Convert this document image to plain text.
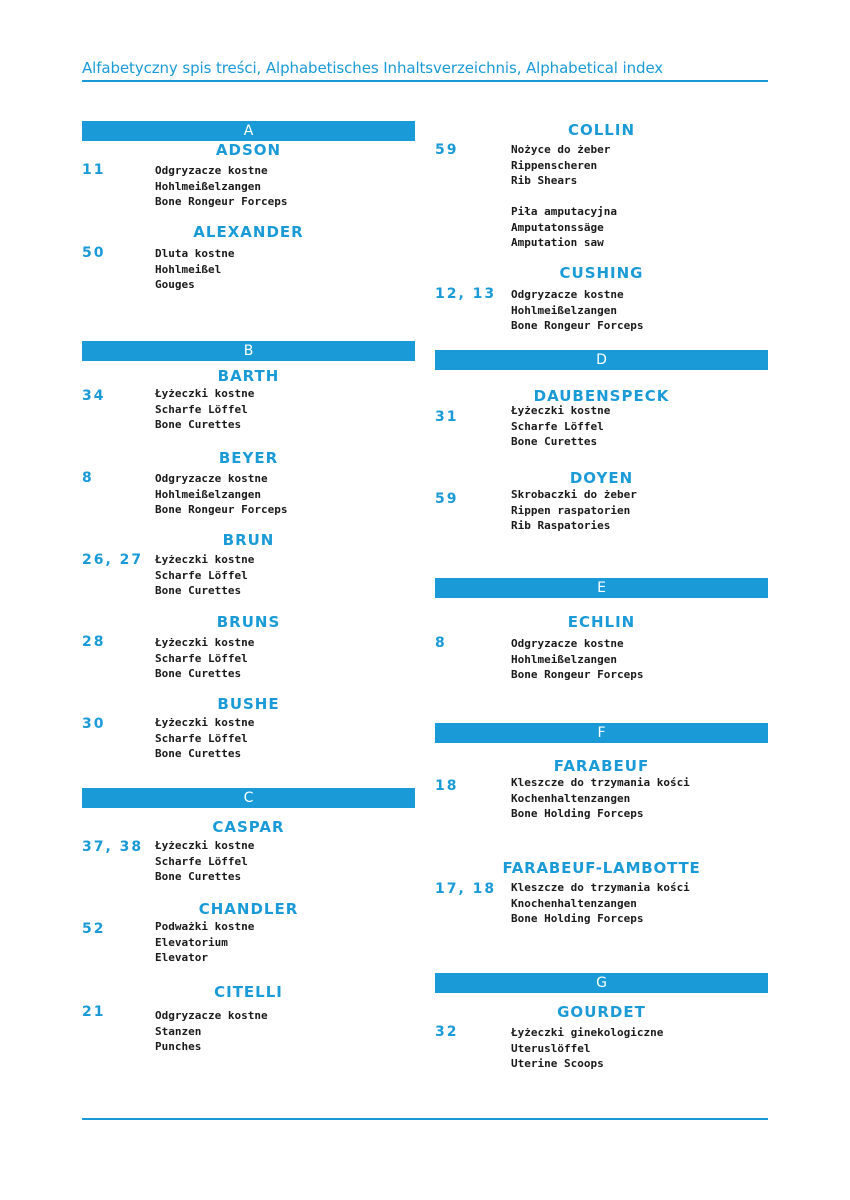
Alfabetyczny spis treści, Alphabetisches Inhaltsverzeichnis, Alphabetical index
A
ADSON
11	Odgryzacze kostne
Hohlmeißelzangen
Bone Rongeur Forceps
ALEXANDER
50	Dluta kostne
Hohlmeißel
Gouges
B
BARTH
34	Łyżeczki kostne
Scharfe Löffel
Bone Curettes
BEYER
8	Odgryzacze kostne
Hohlmeißelzangen
Bone Rongeur Forceps
BRUN
26, 27 Łyżeczki kostne
Scharfe Löffel
Bone Curettes
BRUNS
28	Łyżeczki kostne
Scharfe Löffel
Bone Curettes
BUSHE
30	Łyżeczki kostne
Scharfe Löffel
Bone Curettes
C
CASPAR
37, 38 Łyżeczki kostne
Scharfe Löffel
Bone Curettes
CHANDLER
52	Podważki kostne
Elevatorium
Elevator
CITELLI
21	Odgryzacze kostne
Stanzen
Punches
COLLIN
59	Nożyce do żeber
Rippenscheren
Rib Shears
Piła amputacyjna
Amputatonssäge
Amputation saw
CUSHING
12, 13 Odgryzacze kostne
Hohlmeißelzangen
Bone Rongeur Forceps
D
DAUBENSPECK
31	Łyżeczki kostne
Scharfe Löffel
Bone Curettes
DOYEN
59	Skrobaczki do żeber
Rippen raspatorien
Rib Raspatories
E
ECHLIN
8	Odgryzacze kostne
Hohlmeißelzangen
Bone Rongeur Forceps
F
FARABEUF
18	Kleszcze do trzymania kości
Kochenhaltenzangen
Bone Holding Forceps
FARABEUF-LAMBOTTE
17, 18 Kleszcze do trzymania kości
Knochenhaltenzangen
Bone Holding Forceps
G
GOURDET
32	Łyżeczki ginekologiczne
Uteruslöffel
Uterine Scoops
